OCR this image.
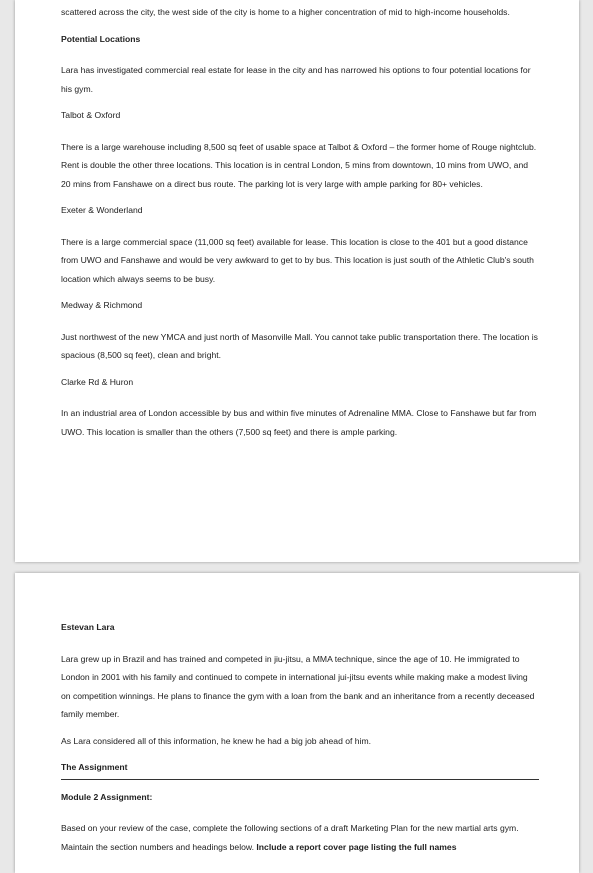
scattered across the city, the west side of the city is home to a higher concentration of mid to high-income households.

Potential Locations

Lara has investigated commercial real estate for lease in the city and has narrowed his options to four potential locations for his gym.

Talbot & Oxford

There is a large warehouse including 8,500 sq feet of usable space at Talbot & Oxford – the former home of Rouge nightclub. Rent is double the other three locations. This location is in central London, 5 mins from downtown, 10 mins from UWO, and 20 mins from Fanshawe on a direct bus route. The parking lot is very large with ample parking for 80+ vehicles.

Exeter & Wonderland

There is a large commercial space (11,000 sq feet) available for lease. This location is close to the 401 but a good distance from UWO and Fanshawe and would be very awkward to get to by bus. This location is just south of the Athletic Club's south location which always seems to be busy.

Medway & Richmond

Just northwest of the new YMCA and just north of Masonville Mall. You cannot take public transportation there. The location is spacious (8,500 sq feet), clean and bright.

Clarke Rd & Huron

In an industrial area of London accessible by bus and within five minutes of Adrenaline MMA. Close to Fanshawe but far from UWO. This location is smaller than the others (7,500 sq feet) and there is ample parking.

Estevan Lara

Lara grew up in Brazil and has trained and competed in jiu-jitsu, a MMA technique, since the age of 10. He immigrated to London in 2001 with his family and continued to compete in international jui-jitsu events while making make a modest living on competition winnings. He plans to finance the gym with a loan from the bank and an inheritance from a recently deceased family member.

As Lara considered all of this information, he knew he had a big job ahead of him.

The Assignment

Module 2 Assignment:

Based on your review of the case, complete the following sections of a draft Marketing Plan for the new martial arts gym. Maintain the section numbers and headings below. Include a report cover page listing the full names
